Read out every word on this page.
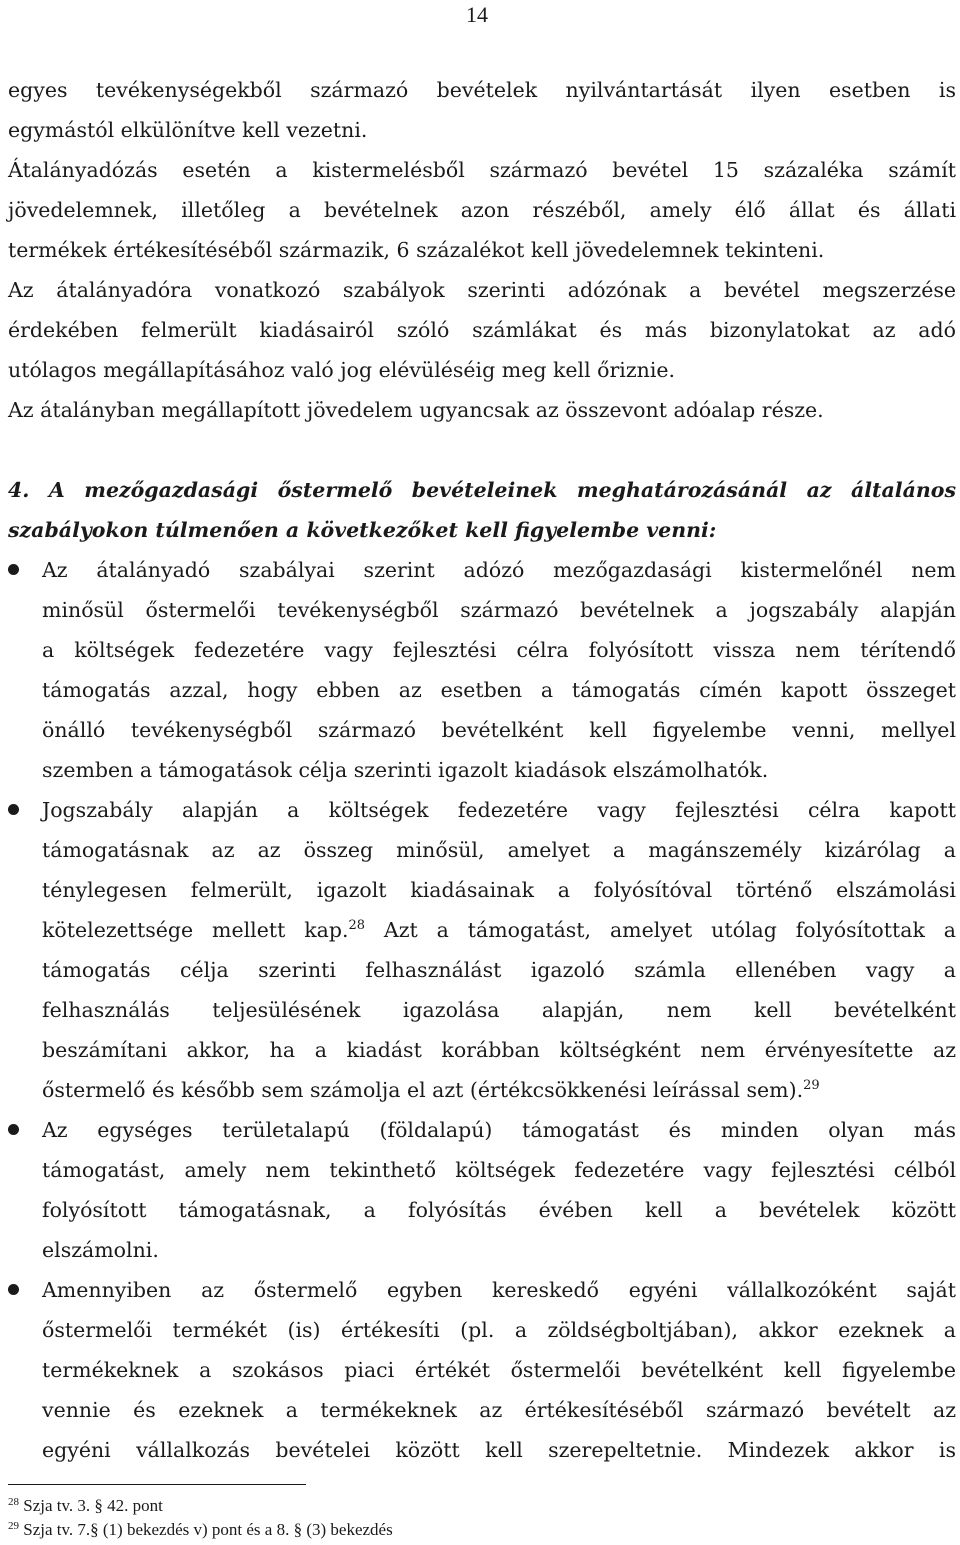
14
egyes tevékenységekből származó bevételek nyilvántartását ilyen esetben is
egymástól elkülönítve kell vezetni.
Átalányadózás esetén a kistermelésből származó bevétel 15 százaléka számít
jövedelemnek, illetőleg a bevételnek azon részéből, amely élő állat és állati
termékek értékesítéséből származik, 6 százalékot kell jövedelemnek tekinteni.
Az átalányadóra vonatkozó szabályok szerinti adózónak a bevétel megszerzése
érdekében felmerült kiadásairól szóló számlákat és más bizonylatokat az adó
utólagos megállapításához való jog elévüléséig meg kell őriznie.
Az átalányban megállapított jövedelem ugyancsak az összevont adóalap része.
4. A mezőgazdasági őstermelő bevételeinek meghatározásánál az általános
szabályokon túlmenően a következőket kell figyelembe venni:
Az átalányadó szabályai szerint adózó mezőgazdasági kistermelőnél nem
minősül őstermelői tevékenységből származó bevételnek a jogszabály alapján
a költségek fedezetére vagy fejlesztési célra folyósított vissza nem térítendő
támogatás azzal, hogy ebben az esetben a támogatás címén kapott összeget
önálló tevékenységből származó bevételként kell figyelembe venni, mellyel
szemben a támogatások célja szerinti igazolt kiadások elszámolhatók.
Jogszabály alapján a költségek fedezetére vagy fejlesztési célra kapott
támogatásnak az az összeg minősül, amelyet a magánszemély kizárólag a
ténylegesen felmerült, igazolt kiadásainak a folyósítóval történő elszámolási
kötelezettsége mellett kap.$^{28}$ Azt a támogatást, amelyet utólag folyósítottak a
támogatás célja szerinti felhasználást igazoló számla ellenében vagy a
felhasználás teljesülésének igazolása alapján, nem kell bevételként
beszámítani akkor, ha a kiadást korábban költségként nem érvényesítette az
őstermelő és később sem számolja el azt (értékcsökkenési leírással sem).$^{29}$
Az egységes területalapú (földalapú) támogatást és minden olyan más
támogatást, amely nem tekinthető költségek fedezetére vagy fejlesztési célból
folyósított támogatásnak, a folyósítás évében kell a bevételek között
elszámolni.
Amennyiben az őstermelő egyben kereskedő egyéni vállalkozóként saját
őstermelői termékét (is) értékesíti (pl. a zöldségboltjában), akkor ezeknek a
termékeknek a szokásos piaci értékét őstermelői bevételként kell figyelembe
vennie és ezeknek a termékeknek az értékesítéséből származó bevételt az
egyéni vállalkozás bevételei között kell szerepeltetnie. Mindezek akkor is
$^{28}$ Szja tv. 3. § 42. pont
$^{29}$ Szja tv. 7.§ (1) bekezdés v) pont és a 8. § (3) bekezdés
